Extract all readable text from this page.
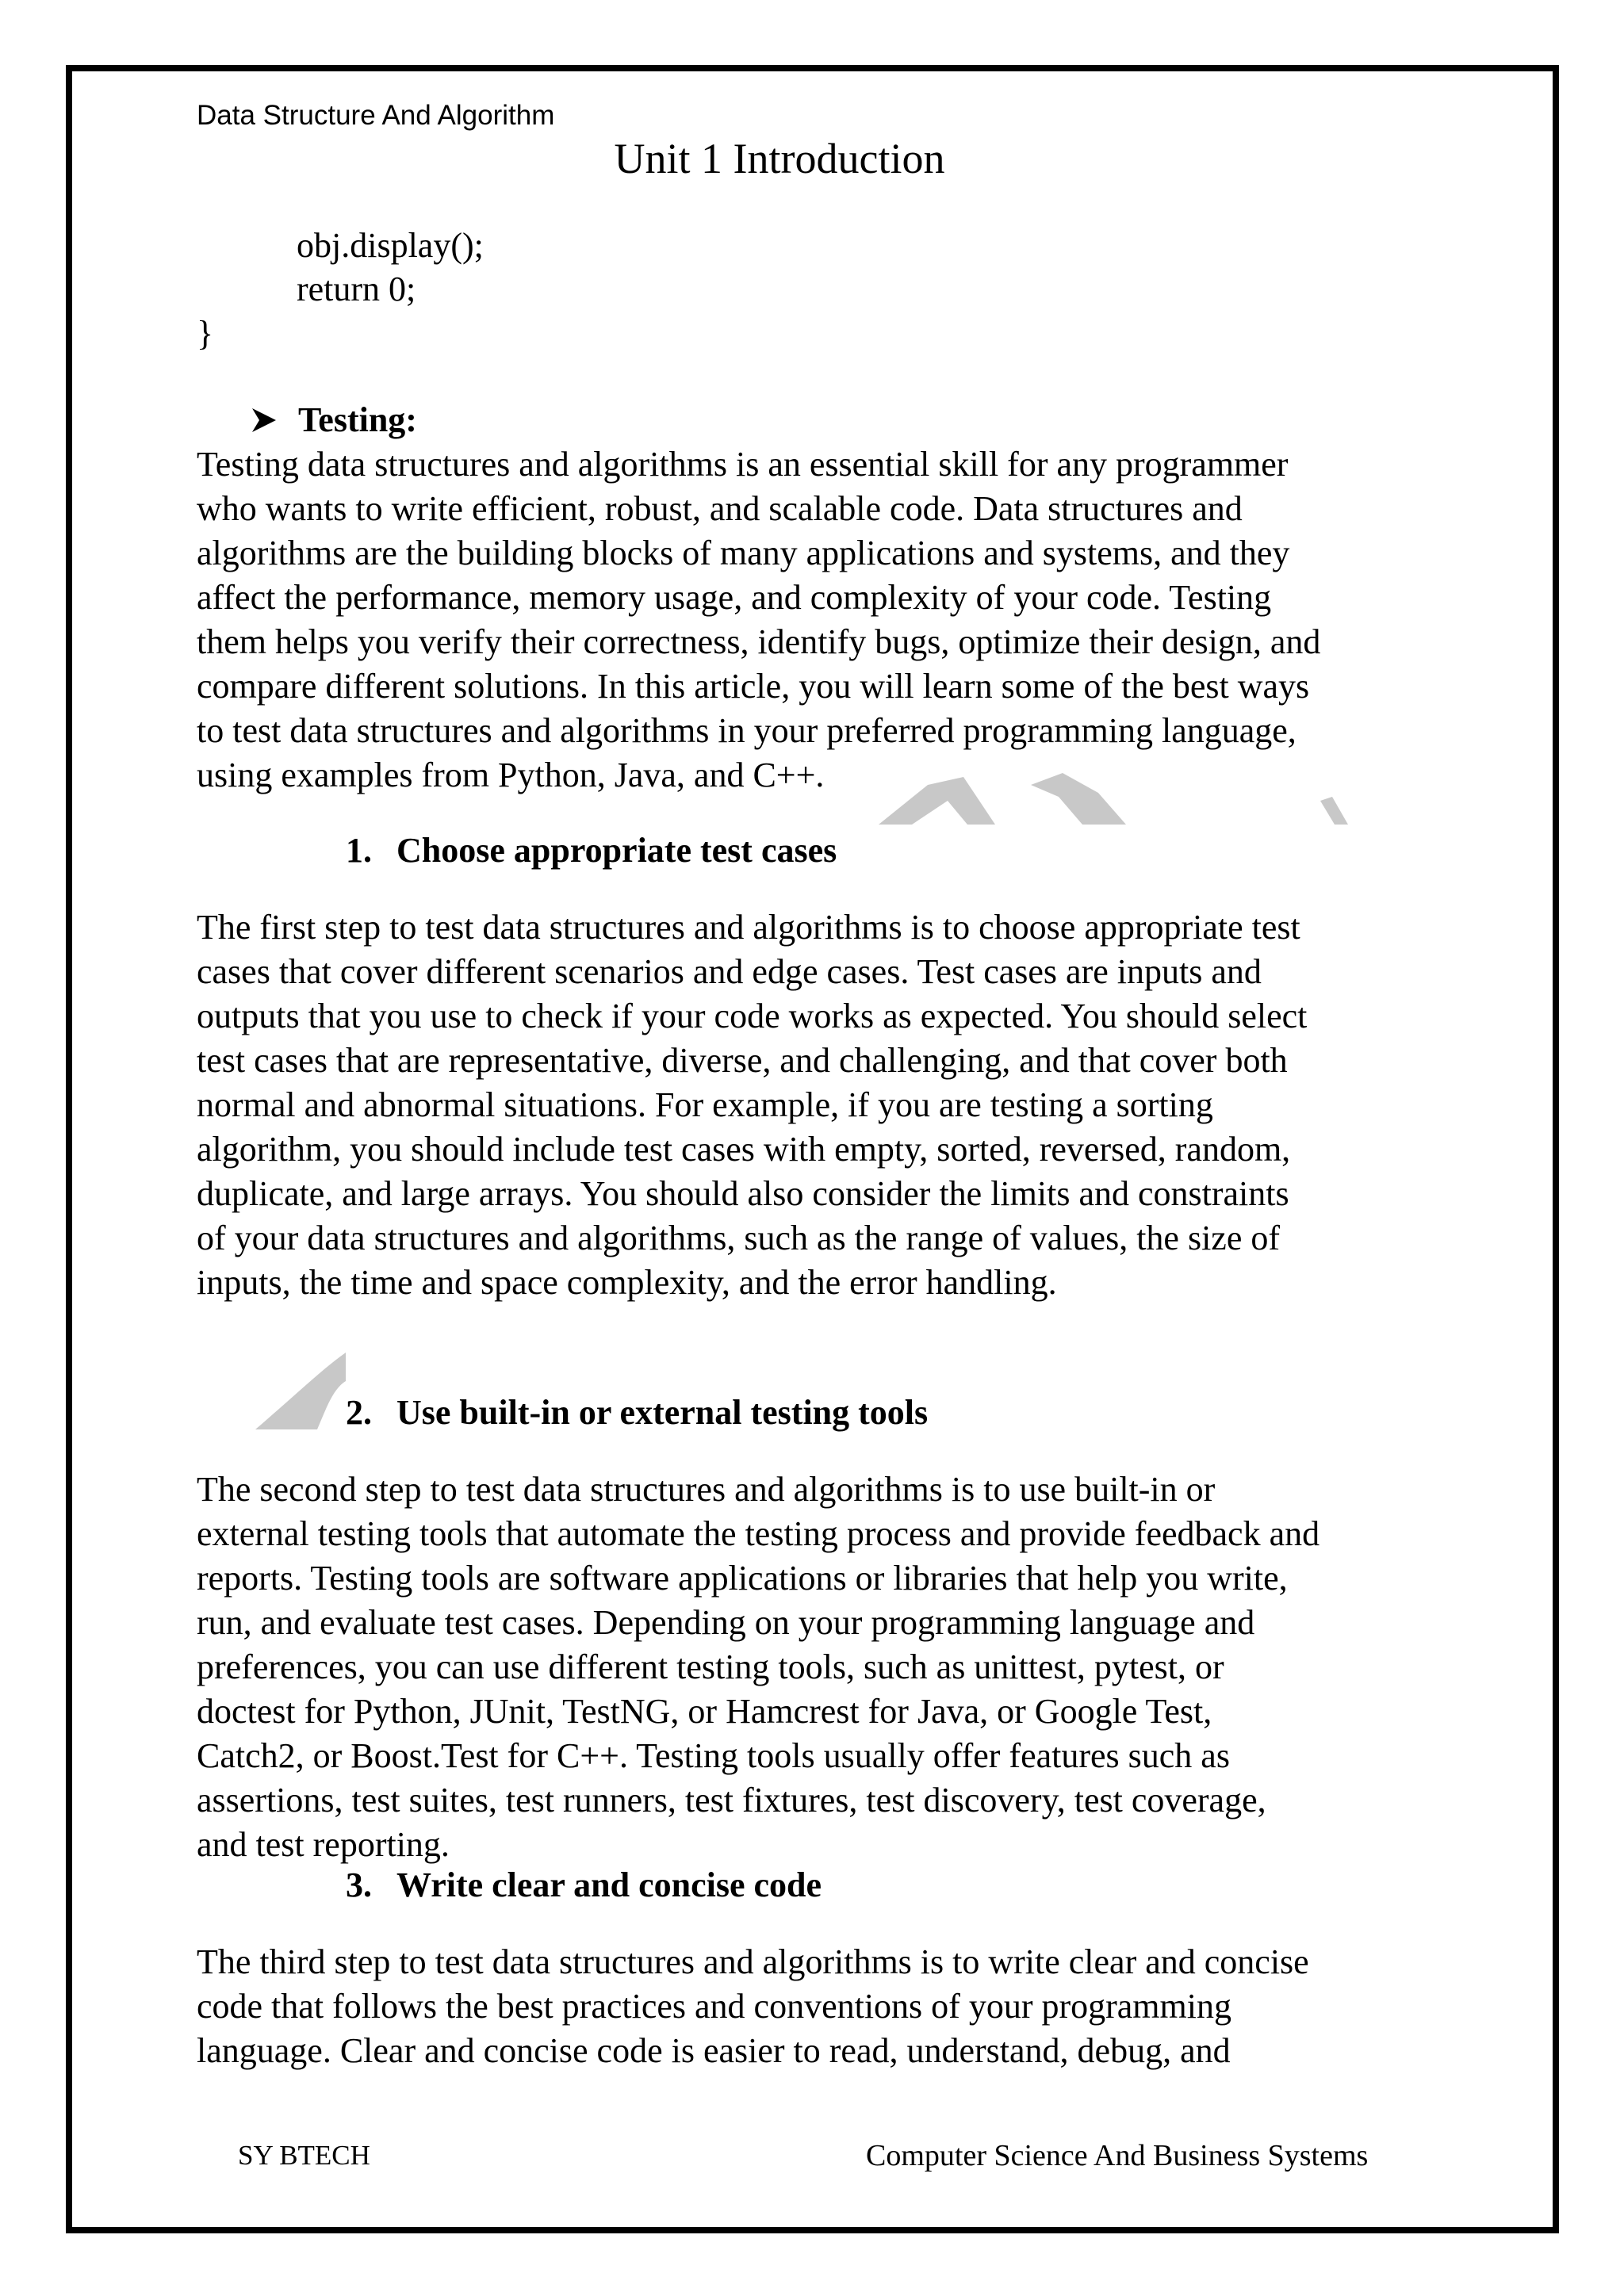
Data Structure And Algorithm
Unit 1 Introduction
obj.display();
return 0;
}
Testing:
Testing data structures and algorithms is an essential skill for any programmer
who wants to write efficient, robust, and scalable code. Data structures and
algorithms are the building blocks of many applications and systems, and they
affect the performance, memory usage, and complexity of your code. Testing
them helps you verify their correctness, identify bugs, optimize their design, and
compare different solutions. In this article, you will learn some of the best ways
to test data structures and algorithms in your preferred programming language,
using examples from Python, Java, and C++.
1. Choose appropriate test cases
The first step to test data structures and algorithms is to choose appropriate test
cases that cover different scenarios and edge cases. Test cases are inputs and
outputs that you use to check if your code works as expected. You should select
test cases that are representative, diverse, and challenging, and that cover both
normal and abnormal situations. For example, if you are testing a sorting
algorithm, you should include test cases with empty, sorted, reversed, random,
duplicate, and large arrays. You should also consider the limits and constraints
of your data structures and algorithms, such as the range of values, the size of
inputs, the time and space complexity, and the error handling.
2. Use built-in or external testing tools
The second step to test data structures and algorithms is to use built-in or
external testing tools that automate the testing process and provide feedback and
reports. Testing tools are software applications or libraries that help you write,
run, and evaluate test cases. Depending on your programming language and
preferences, you can use different testing tools, such as unittest, pytest, or
doctest for Python, JUnit, TestNG, or Hamcrest for Java, or Google Test,
Catch2, or Boost.Test for C++. Testing tools usually offer features such as
assertions, test suites, test runners, test fixtures, test discovery, test coverage,
and test reporting.
3. Write clear and concise code
The third step to test data structures and algorithms is to write clear and concise
code that follows the best practices and conventions of your programming
language. Clear and concise code is easier to read, understand, debug, and
SY BTECH	Computer Science And Business Systems
